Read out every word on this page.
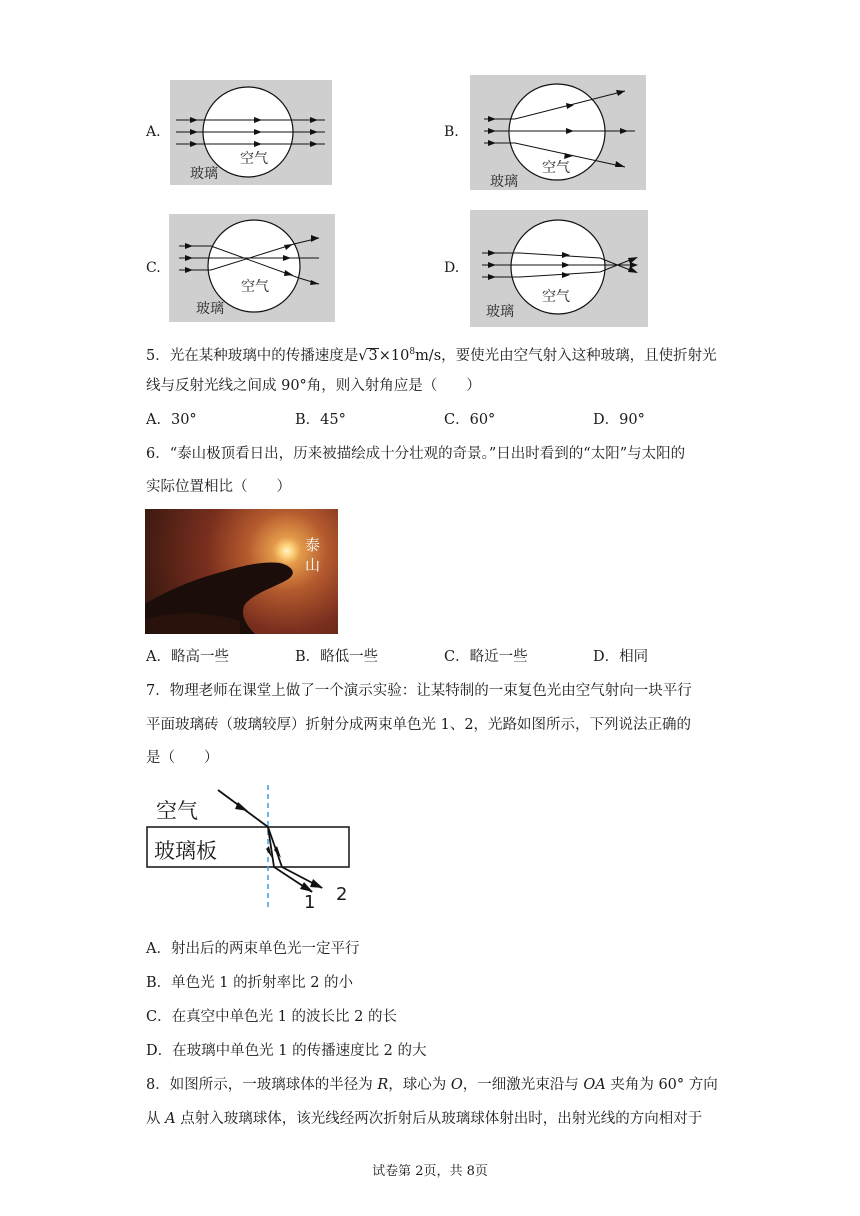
A.
空气
玻璃
B.
空气
玻璃
C.
空气
玻璃
D.
空气
玻璃
5．光在某种玻璃中的传播速度是$√3\times 10^8m/s$，要使光由空气射入这种玻璃，且使折射光
线与反射光线之间成 90°角，则入射角应是（　　）
A．30°	B．45°	C．60°	D．90°
6．“泰山极顶看日出，历来被描绘成十分壮观的奇景。”日出时看到的“太阳”与太阳的
实际位置相比（　　）
泰山
A．略高一些	B．略低一些	C．略近一些	D．相同
7．物理老师在课堂上做了一个演示实验：让某特制的一束复色光由空气射向一块平行
平面玻璃砖（玻璃较厚）折射分成两束单色光 1、2，光路如图所示，下列说法正确的
是（　　）
空气
玻璃板
1 2
A．射出后的两束单色光一定平行
B．单色光 1 的折射率比 2 的小
C．在真空中单色光 1 的波长比 2 的长
D．在玻璃中单色光 1 的传播速度比 2 的大
8．如图所示，一玻璃球体的半径为 R，球心为 O，一细激光束沿与 OA 夹角为 60° 方向
从 A 点射入玻璃球体，该光线经两次折射后从玻璃球体射出时，出射光线的方向相对于
试卷第 2页，共 8页
